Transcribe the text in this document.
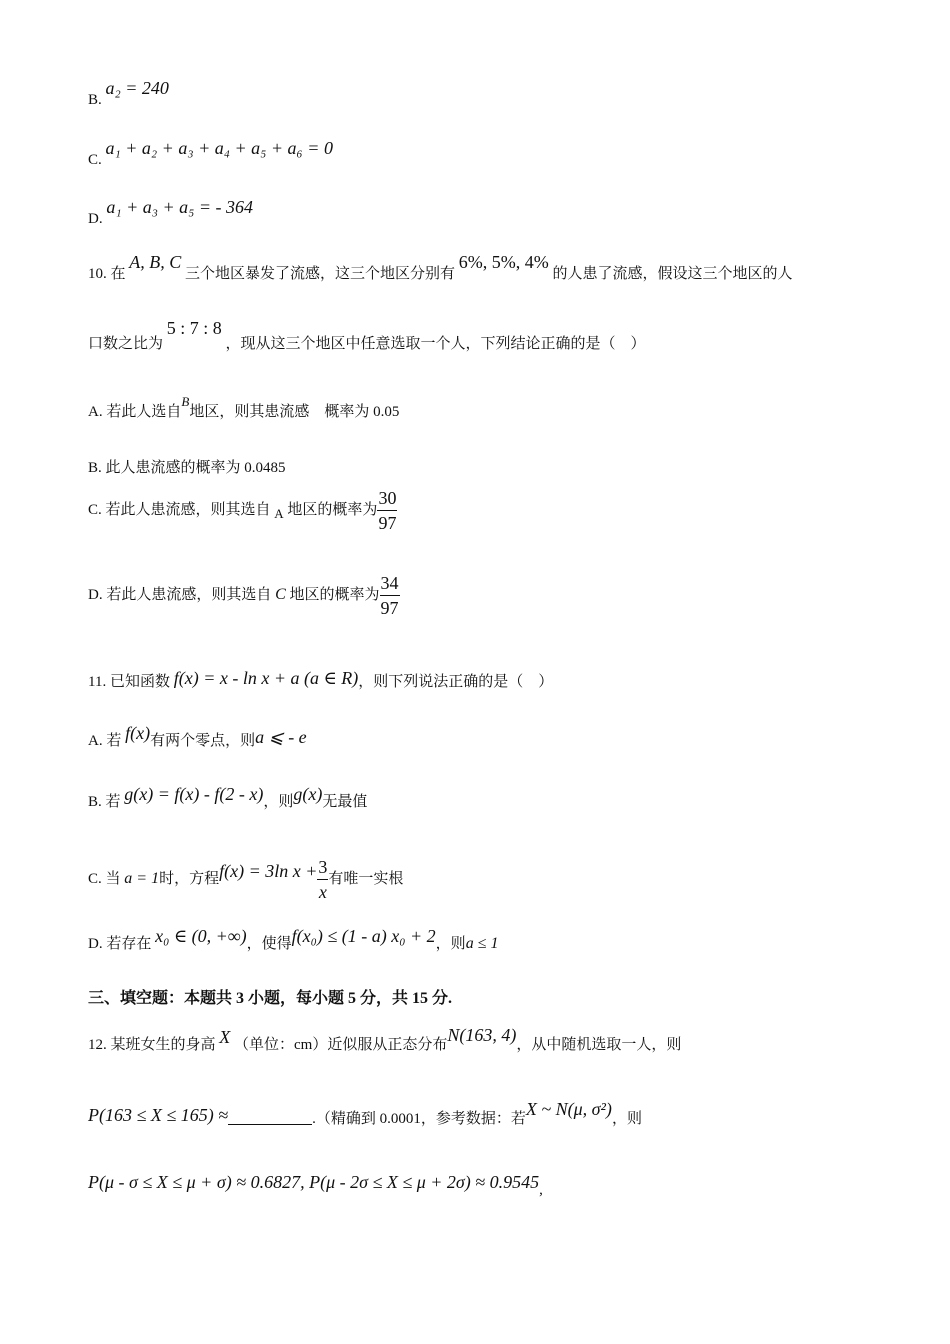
B. a₂ = 240
C. a₁ + a₂ + a₃ + a₄ + a₅ + a₆ = 0
D. a₁ + a₃ + a₅ = - 364
10. 在 A, B, C 三个地区暴发了流感，这三个地区分别有 6%, 5%, 4% 的人患了流感，假设这三个地区的人
口数之比为 5 : 7 : 8 ，现从这三个地区中任意选取一个人，下列结论正确的是（　）
A. 若此人选自B地区，则其患流感　概率为 0.05
B. 此人患流感的概率为 0.0485
C. 若此人患流感，则其选自 A 地区的概率为 $\frac{30}{97}$
D. 若此人患流感，则其选自 C 地区的概率为 $\frac{34}{97}$
11. 已知函数 f(x) = x - ln x + a (a ∈ R)，则下列说法正确的是（　）
A. 若 f(x)有两个零点，则a ⩽ - e
B. 若 g(x) = f(x) - f(2 - x)，则g(x)无最值
C. 当 a = 1时，方程f(x) = 3ln $x + \frac{3}{x}$ 有唯一实根
D. 若存在 x₀ ∈ (0, +∞)，使得f(x₀) ≤ (1 - a) x₀ + 2，则a ≤ 1
三、填空题：本题共 3 小题，每小题 5 分，共 15 分.
12. 某班女生的身高 X （单位：cm）近似服从正态分布N(163, 4)，从中随机选取一人，则
P(163 ≤ X ≤ 165) ≈	.（精确到 0.0001，参考数据：若X ~ N(μ, σ²)，则
P(μ - σ ≤ X ≤ μ + σ) ≈ 0.6827, P(μ - 2σ ≤ X ≤ μ + 2σ) ≈ 0.9545,
